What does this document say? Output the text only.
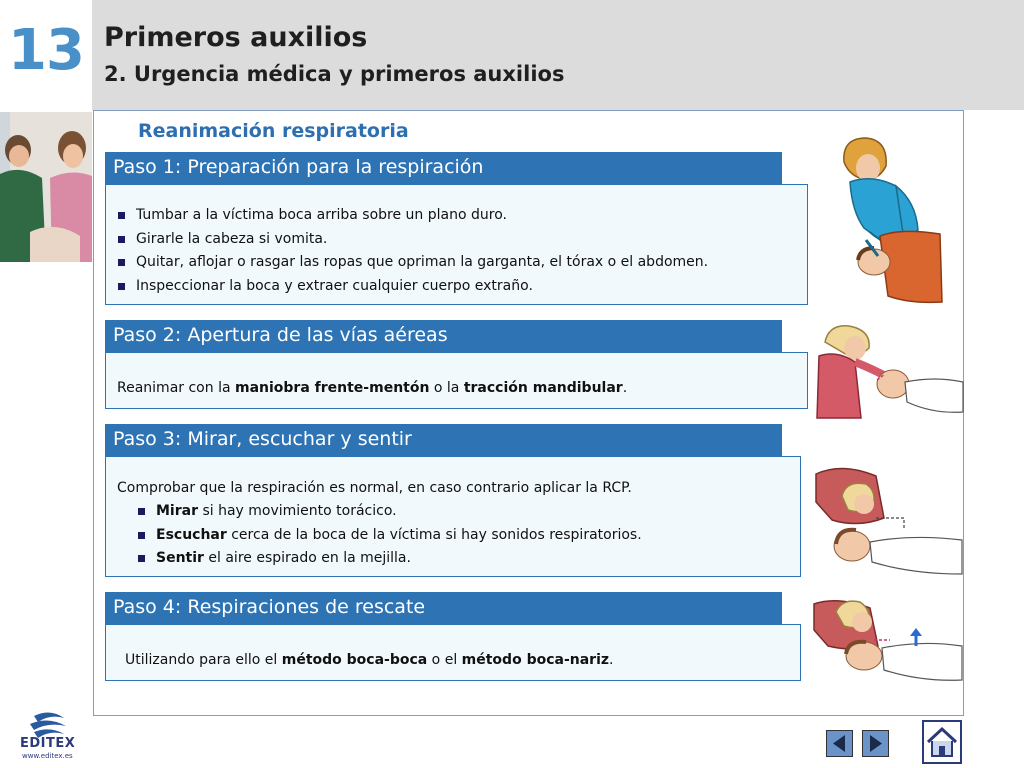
13 Primeros auxilios
2. Urgencia médica y primeros auxilios
Reanimación respiratoria
Paso 1: Preparación para la respiración
Tumbar a la víctima boca arriba sobre un plano duro.
Girarle la cabeza si vomita.
Quitar, aflojar o rasgar las ropas que opriman la garganta, el tórax o el abdomen.
Inspeccionar la boca y extraer cualquier cuerpo extraño.
Paso 2: Apertura de las vías aéreas
Reanimar con la maniobra frente-mentón o la tracción mandibular.
Paso 3: Mirar, escuchar y sentir
Comprobar que la respiración es normal, en caso contrario aplicar la RCP.
Mirar si hay movimiento torácico.
Escuchar cerca de la boca de la víctima si hay sonidos respiratorios.
Sentir el aire espirado en la mejilla.
Paso 4: Respiraciones de rescate
Utilizando para ello el método boca-boca o el método boca-nariz.
EDITEX
www.editex.es
